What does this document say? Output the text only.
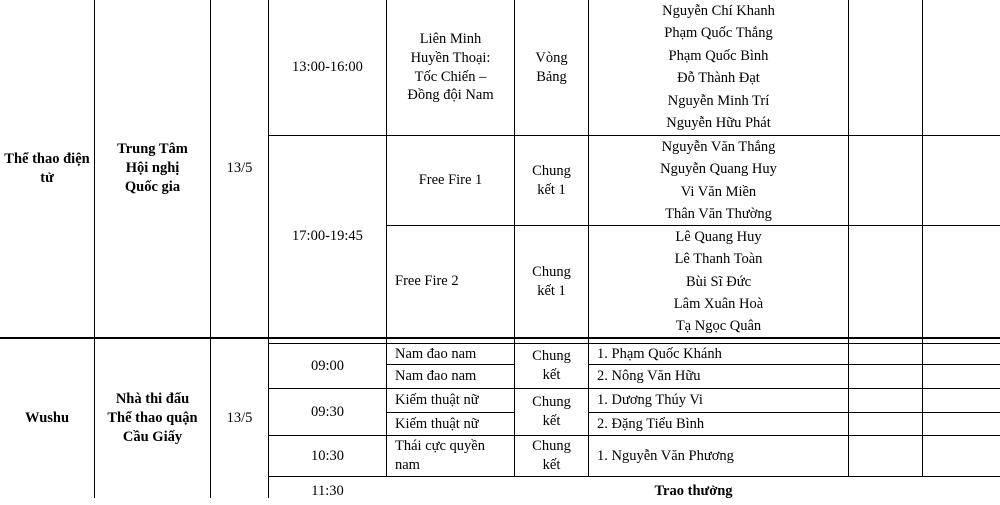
Thể thao điện tử
Trung Tâm Hội nghị Quốc gia
13/5
13:00-16:00
Liên Minh Huyền Thoại: Tốc Chiến – Đồng đội Nam
Vòng Bảng
Nguyễn Chí Khanh
Phạm Quốc Thắng
Phạm Quốc Bình
Đỗ Thành Đạt
Nguyễn Minh Trí
Nguyễn Hữu Phát
17:00-19:45
Free Fire 1
Chung kết 1
Nguyễn Văn Thắng
Nguyễn Quang Huy
Vi Văn Miền
Thân Văn Thường
Free Fire 2
Chung kết 1
Lê Quang Huy
Lê Thanh Toàn
Bùi Sĩ Đức
Lâm Xuân Hoà
Tạ Ngọc Quân
Wushu
Nhà thi đấu Thể thao quận Cầu Giấy
13/5
09:00
Nam đao nam
Nam đao nam
Chung kết
1. Phạm Quốc Khánh
2. Nông Văn Hữu
09:30
Kiếm thuật nữ
Kiếm thuật nữ
Chung kết
1. Dương Thúy Vi
2. Đặng Tiểu Bình
10:30
Thái cực quyền nam
Chung kết
1. Nguyễn Văn Phương
11:30	Trao thưởng
